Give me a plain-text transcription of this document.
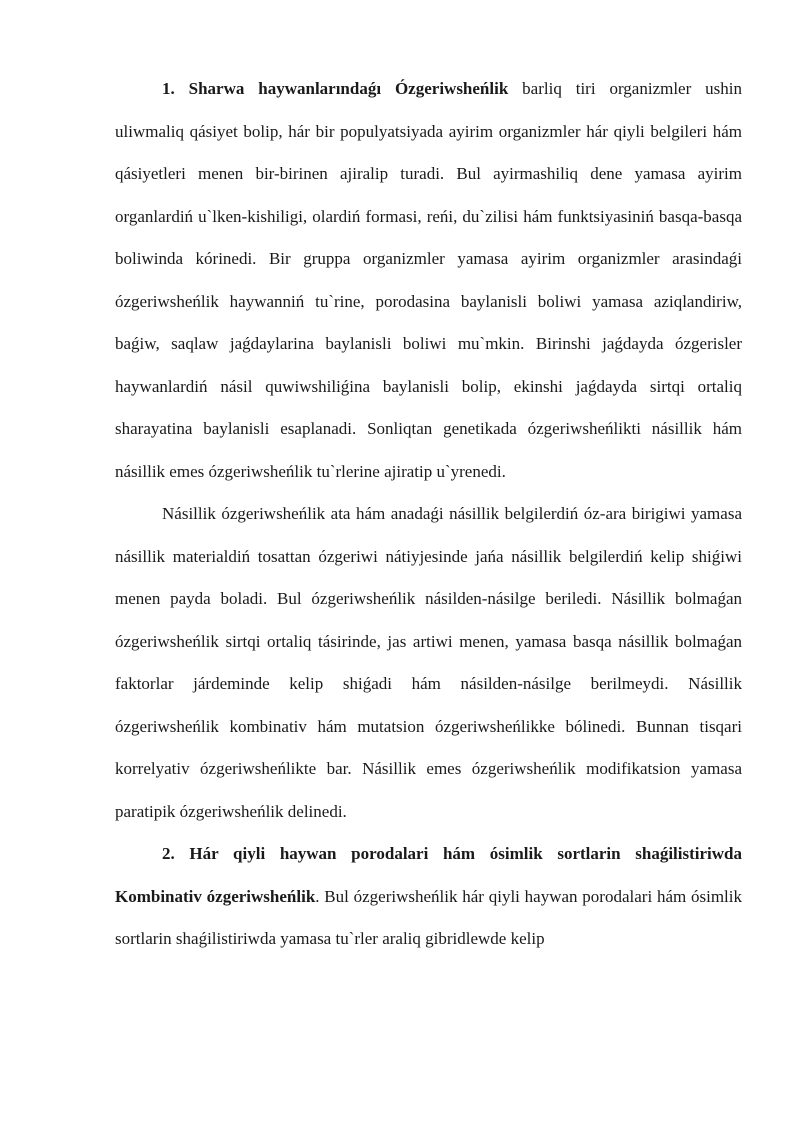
1. Sharwa haywanlarındaǵı Ózgeriwsheńlik barliq tiri organizmler ushin uliwmaliq qásiyet bolip, hár bir populyatsiyada ayirim organizmler hár qiyli belgileri hám qásiyetleri menen bir-birinen ajiralip turadi. Bul ayirmashiliq dene yamasa ayirim organlardiń u`lken-kishiligi, olardiń formasi, reńi, du`zilisi hám funktsiyasiniń basqa-basqa boliwinda kórinedi. Bir gruppa organizmler yamasa ayirim organizmler arasindaǵi ózgeriwsheńlik haywanniń tu`rine, porodasina baylanisli boliwi yamasa aziqlandiriw, baǵiw, saqlaw jaǵdaylarina baylanisli boliwi mu`mkin. Birinshi jaǵdayda ózgerisler haywanlardiń násil quwiwshiliǵina baylanisli bolip, ekinshi jaǵdayda sirtqi ortaliq sharayatina baylanisli esaplanadi. Sonliqtan genetikada ózgeriwsheńlikti násillik hám násillik emes ózgeriwsheńlik tu`rlerine ajiratip u`yrenedi.

Násillik ózgeriwsheńlik ata hám anadaǵi násillik belgilerdiń óz-ara birigiwi yamasa násillik materialdiń tosattan ózgeriwi nátiyjesinde jańa násillik belgilerdiń kelip shiǵiwi menen payda boladi. Bul ózgeriwsheńlik násilden-násilge beriledi. Násillik bolmaǵan ózgeriwsheńlik sirtqi ortaliq tásirinde, jas artiwi menen, yamasa basqa násillik bolmaǵan faktorlar járdeminde kelip shiǵadi hám násilden-násilge berilmeydi. Násillik ózgeriwsheńlik kombinativ hám mutatsion ózgeriwsheńlikke bólinedi. Bunnan tisqari korrelyativ ózgeriwsheńlikte bar. Násillik emes ózgeriwsheńlik modifikatsion yamasa paratipik ózgeriwsheńlik delinedi.

2. Hár qiyli haywan porodalari hám ósimlik sortlarin shaǵilistiriwda Kombinativ ózgeriwsheńlik. Bul ózgeriwsheńlik hár qiyli haywan porodalari hám ósimlik sortlarin shaǵilistiriwda yamasa tu`rler araliq gibridlewde kelip
